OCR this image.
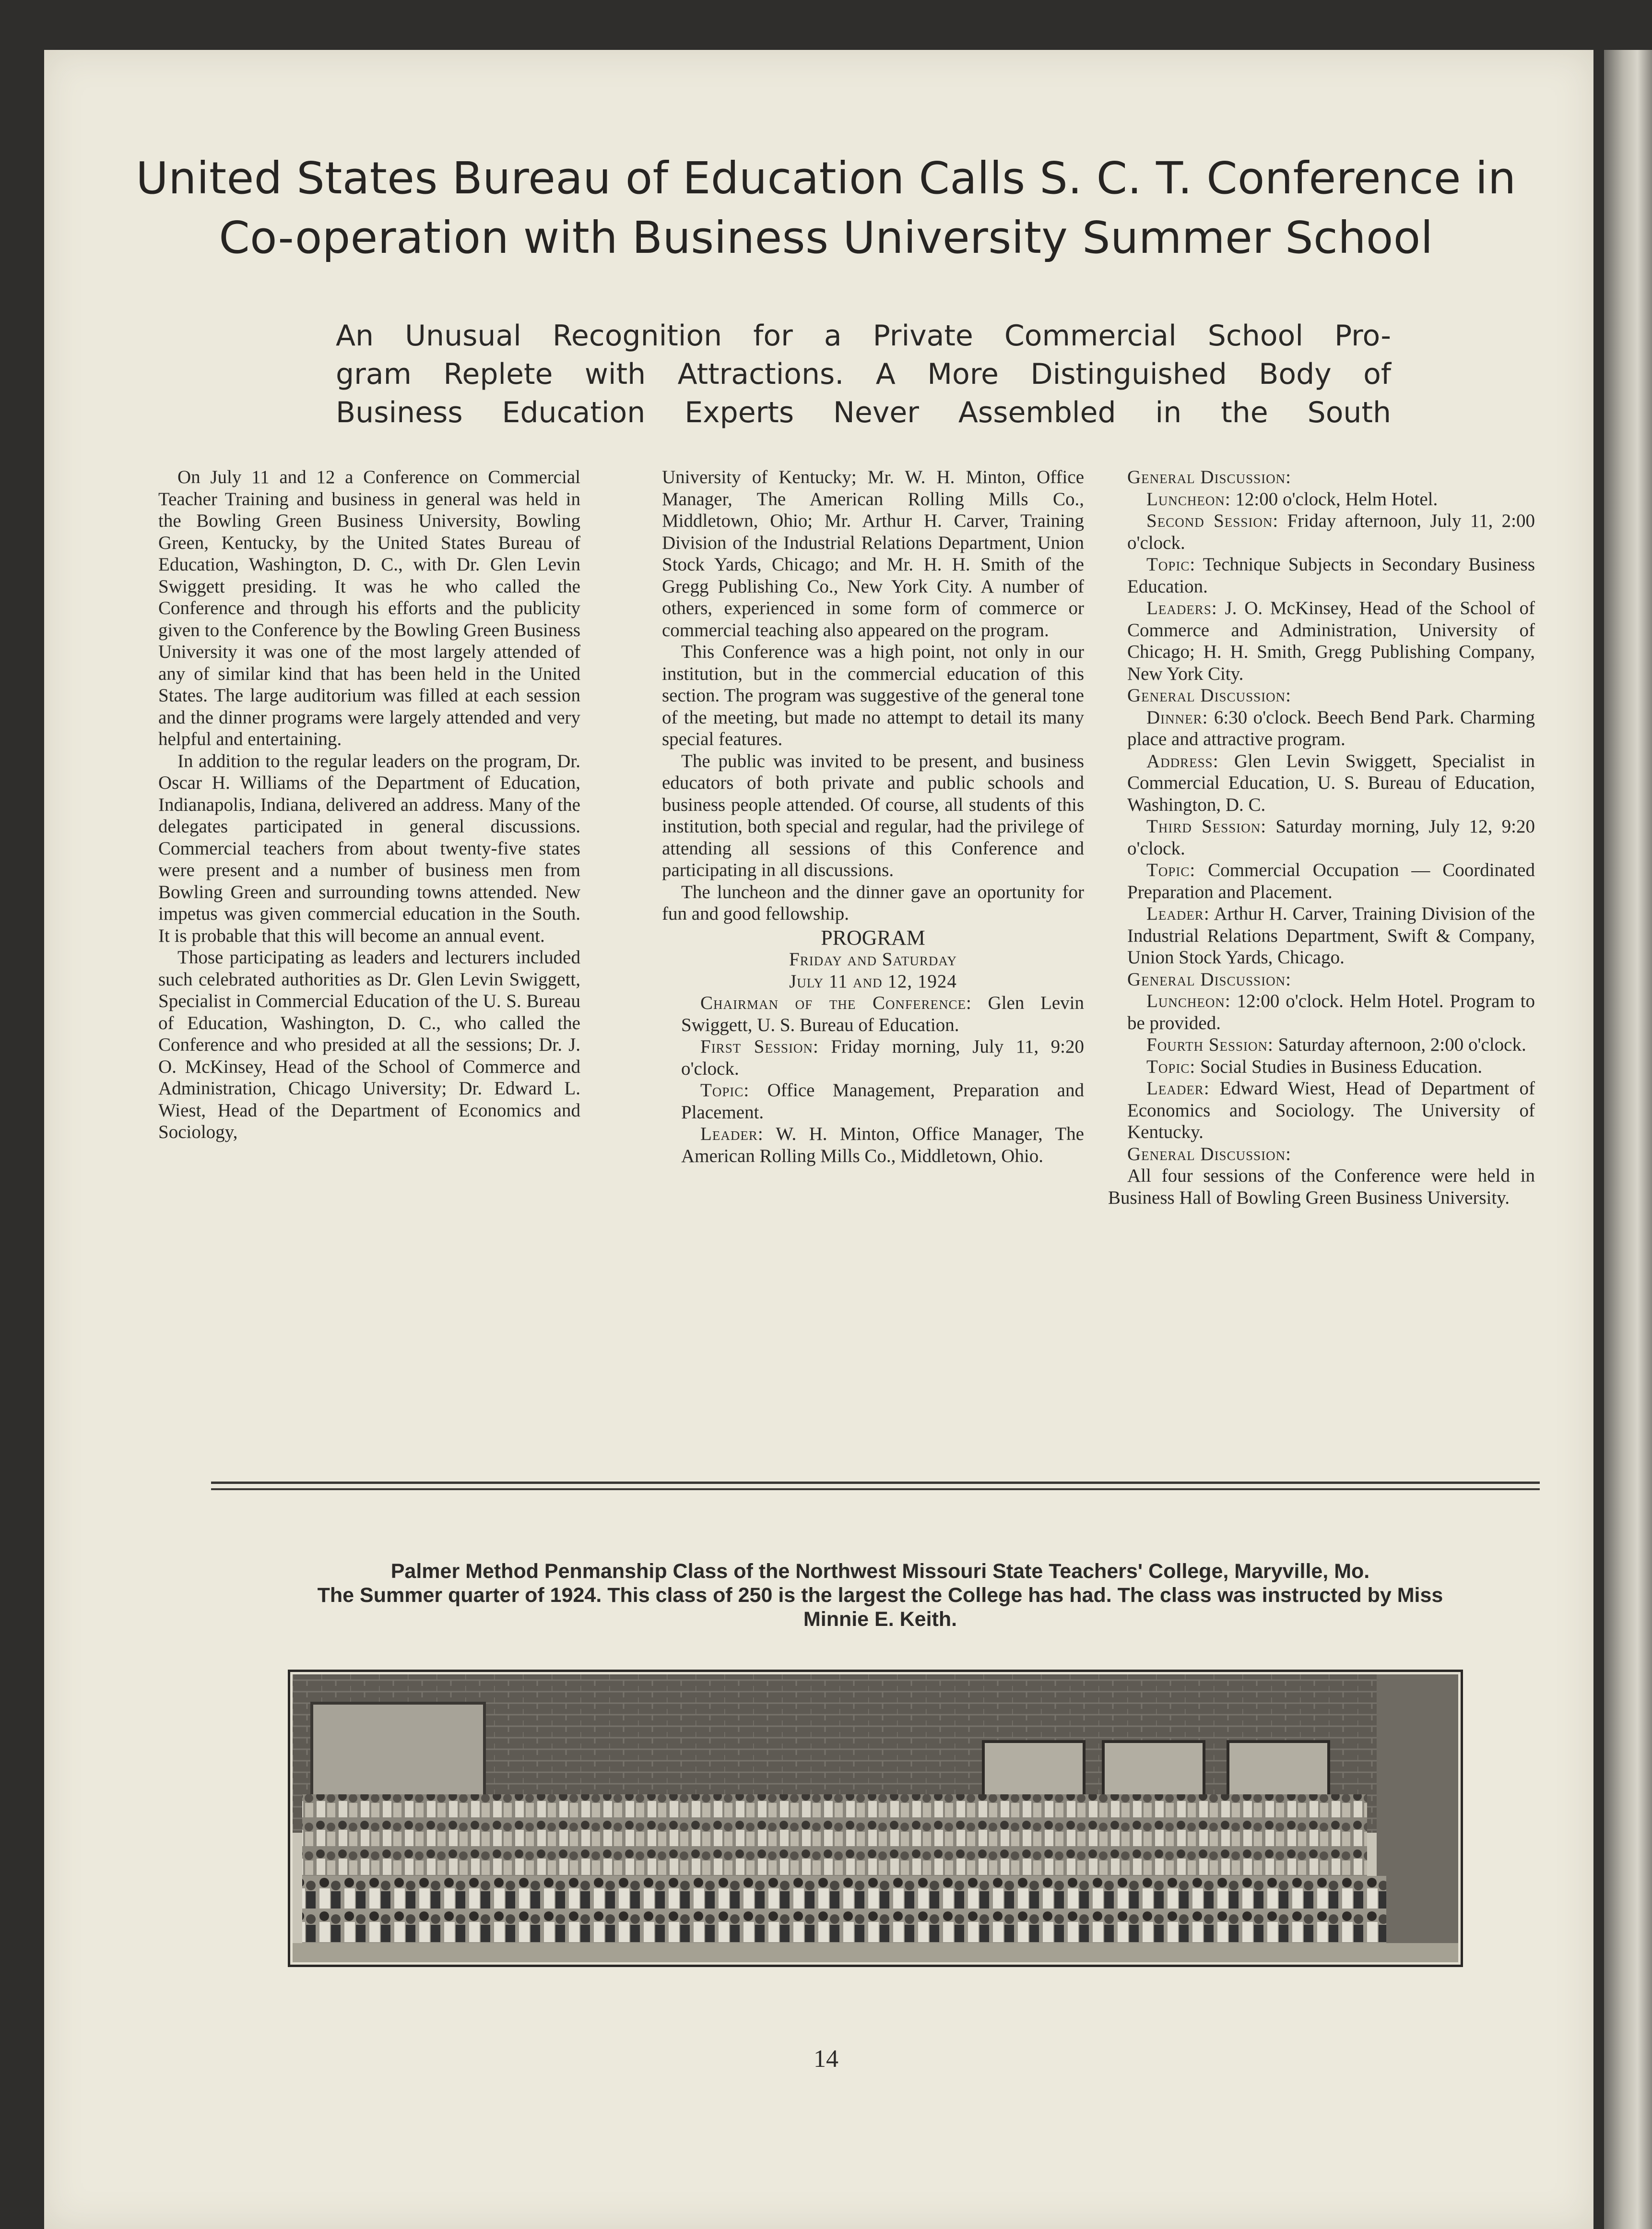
United States Bureau of Education Calls S. C. T. Conference in
Co-operation with Business University Summer School
An Unusual Recognition for a Private Commercial School Pro-
gram Replete with Attractions. A More Distinguished Body of
Business Education Experts Never Assembled in the South

On July 11 and 12 a Conference on Commercial Teacher Training and business in general was held in the Bowling Green Business University, Bowling Green, Kentucky, by the United States Bureau of Education, Washington, D. C., with Dr. Glen Levin Swiggett presiding. It was he who called the Conference and through his efforts and the publicity given to the Conference by the Bowling Green Business University it was one of the most largely attended of any of similar kind that has been held in the United States. The large auditorium was filled at each session and the dinner programs were largely attended and very helpful and entertaining.

In addition to the regular leaders on the program, Dr. Oscar H. Williams of the Department of Education, Indianapolis, Indiana, delivered an address. Many of the delegates participated in general discussions. Commercial teachers from about twenty-five states were present and a number of business men from Bowling Green and surrounding towns attended. New impetus was given commercial education in the South. It is probable that this will become an annual event.

Those participating as leaders and lecturers included such celebrated authorities as Dr. Glen Levin Swiggett, Specialist in Commercial Education of the U. S. Bureau of Education, Washington, D. C., who called the Conference and who presided at all the sessions; Dr. J. O. McKinsey, Head of the School of Commerce and Administration, Chicago University; Dr. Edward L. Wiest, Head of the Department of Economics and Sociology,

University of Kentucky; Mr. W. H. Minton, Office Manager, The American Rolling Mills Co., Middletown, Ohio; Mr. Arthur H. Carver, Training Division of the Industrial Relations Department, Union Stock Yards, Chicago; and Mr. H. H. Smith of the Gregg Publishing Co., New York City. A number of others, experienced in some form of commerce or commercial teaching also appeared on the program.

This Conference was a high point, not only in our institution, but in the commercial education of this section. The program was suggestive of the general tone of the meeting, but made no attempt to detail its many special features.

The public was invited to be present, and business educators of both private and public schools and business people attended. Of course, all students of this institution, both special and regular, had the privilege of attending all sessions of this Conference and participating in all discussions.

The luncheon and the dinner gave an oportunity for fun and good fellowship.

PROGRAM

Friday and Saturday

July 11 and 12, 1924

Chairman of the Conference: Glen Levin Swiggett, U. S. Bureau of Education.

First Session: Friday morning, July 11, 9:20 o'clock.

Topic: Office Management, Preparation and Placement.

Leader: W. H. Minton, Office Manager, The American Rolling Mills Co., Middletown, Ohio.

General Discussion:

Luncheon: 12:00 o'clock, Helm Hotel.

Second Session: Friday afternoon, July 11, 2:00 o'clock.

Topic: Technique Subjects in Secondary Business Education.

Leaders: J. O. McKinsey, Head of the School of Commerce and Administration, University of Chicago; H. H. Smith, Gregg Publishing Company, New York City.

General Discussion:

Dinner: 6:30 o'clock. Beech Bend Park. Charming place and attractive program.

Address: Glen Levin Swiggett, Specialist in Commercial Education, U. S. Bureau of Education, Washington, D. C.

Third Session: Saturday morning, July 12, 9:20 o'clock.

Topic: Commercial Occupation — Coordinated Preparation and Placement.

Leader: Arthur H. Carver, Training Division of the Industrial Relations Department, Swift & Company, Union Stock Yards, Chicago.

General Discussion:

Luncheon: 12:00 o'clock. Helm Hotel. Program to be provided.

Fourth Session: Saturday afternoon, 2:00 o'clock.

Topic: Social Studies in Business Education.

Leader: Edward Wiest, Head of Department of Economics and Sociology. The University of Kentucky.

General Discussion:

All four sessions of the Conference were held in Business Hall of Bowling Green Business University.

Palmer Method Penmanship Class of the Northwest Missouri State Teachers' College, Maryville, Mo.
The Summer quarter of 1924. This class of 250 is the largest the College has had. The class was instructed by Miss Minnie E. Keith.
14
